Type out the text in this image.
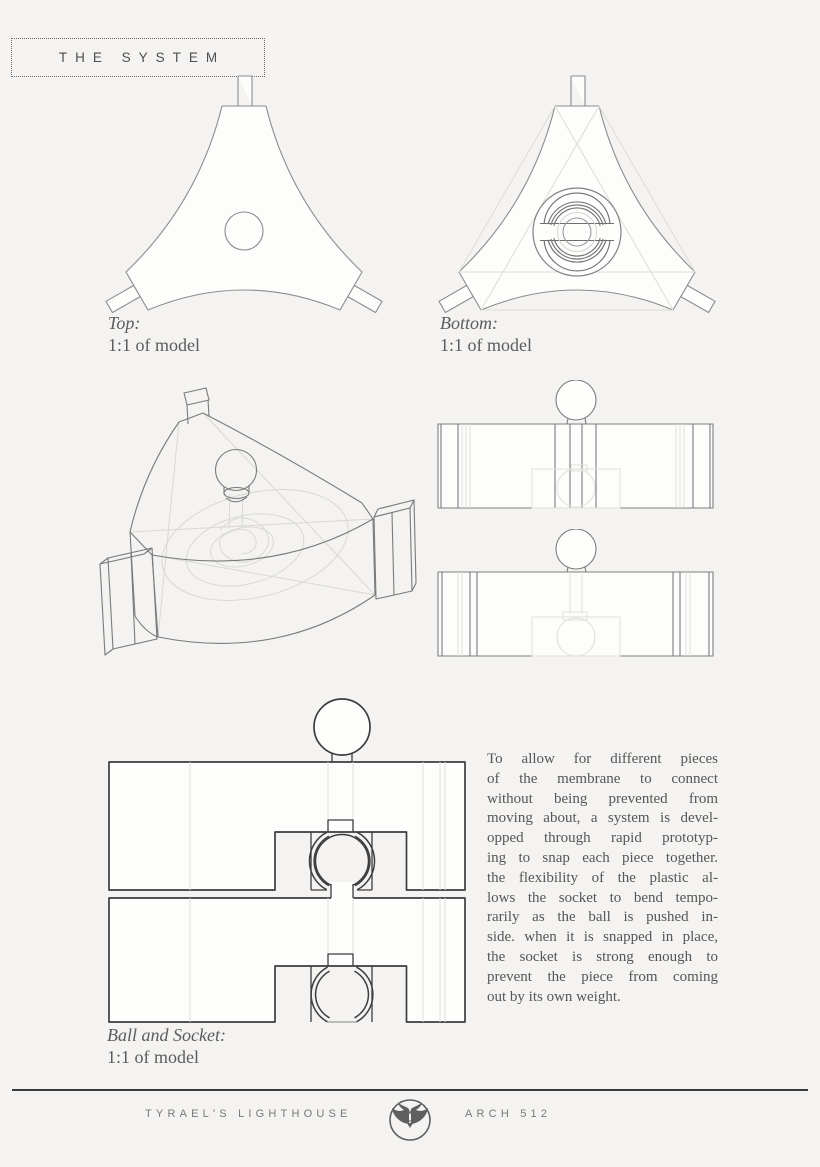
THE SYSTEM
Top:
1:1 of model
Bottom:
1:1 of model
Ball and Socket:
1:1 of model
To allow for different pieces
of the membrane to connect
without being prevented from
moving about, a system is devel-
opped through rapid prototyp-
ing to snap each piece together.
the flexibility of the plastic al-
lows the socket to bend tempo-
rarily as the ball is pushed in-
side. when it is snapped in place,
the socket is strong enough to
prevent the piece from coming
out by its own weight.
TYRAEL'S LIGHTHOUSE	ARCH 512
